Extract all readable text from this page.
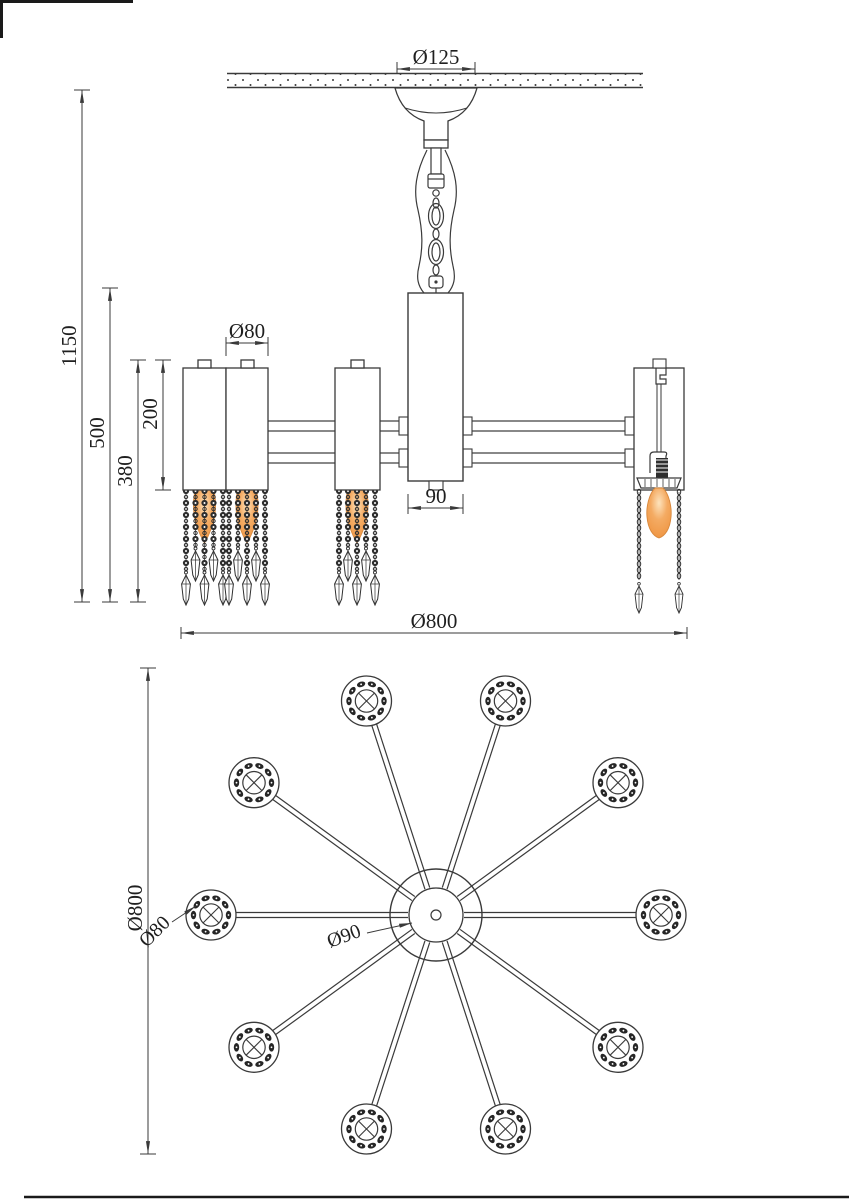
Ø125
Ø80
90
Ø800
1150
500
380
200
Ø800
Ø80	Ø90
